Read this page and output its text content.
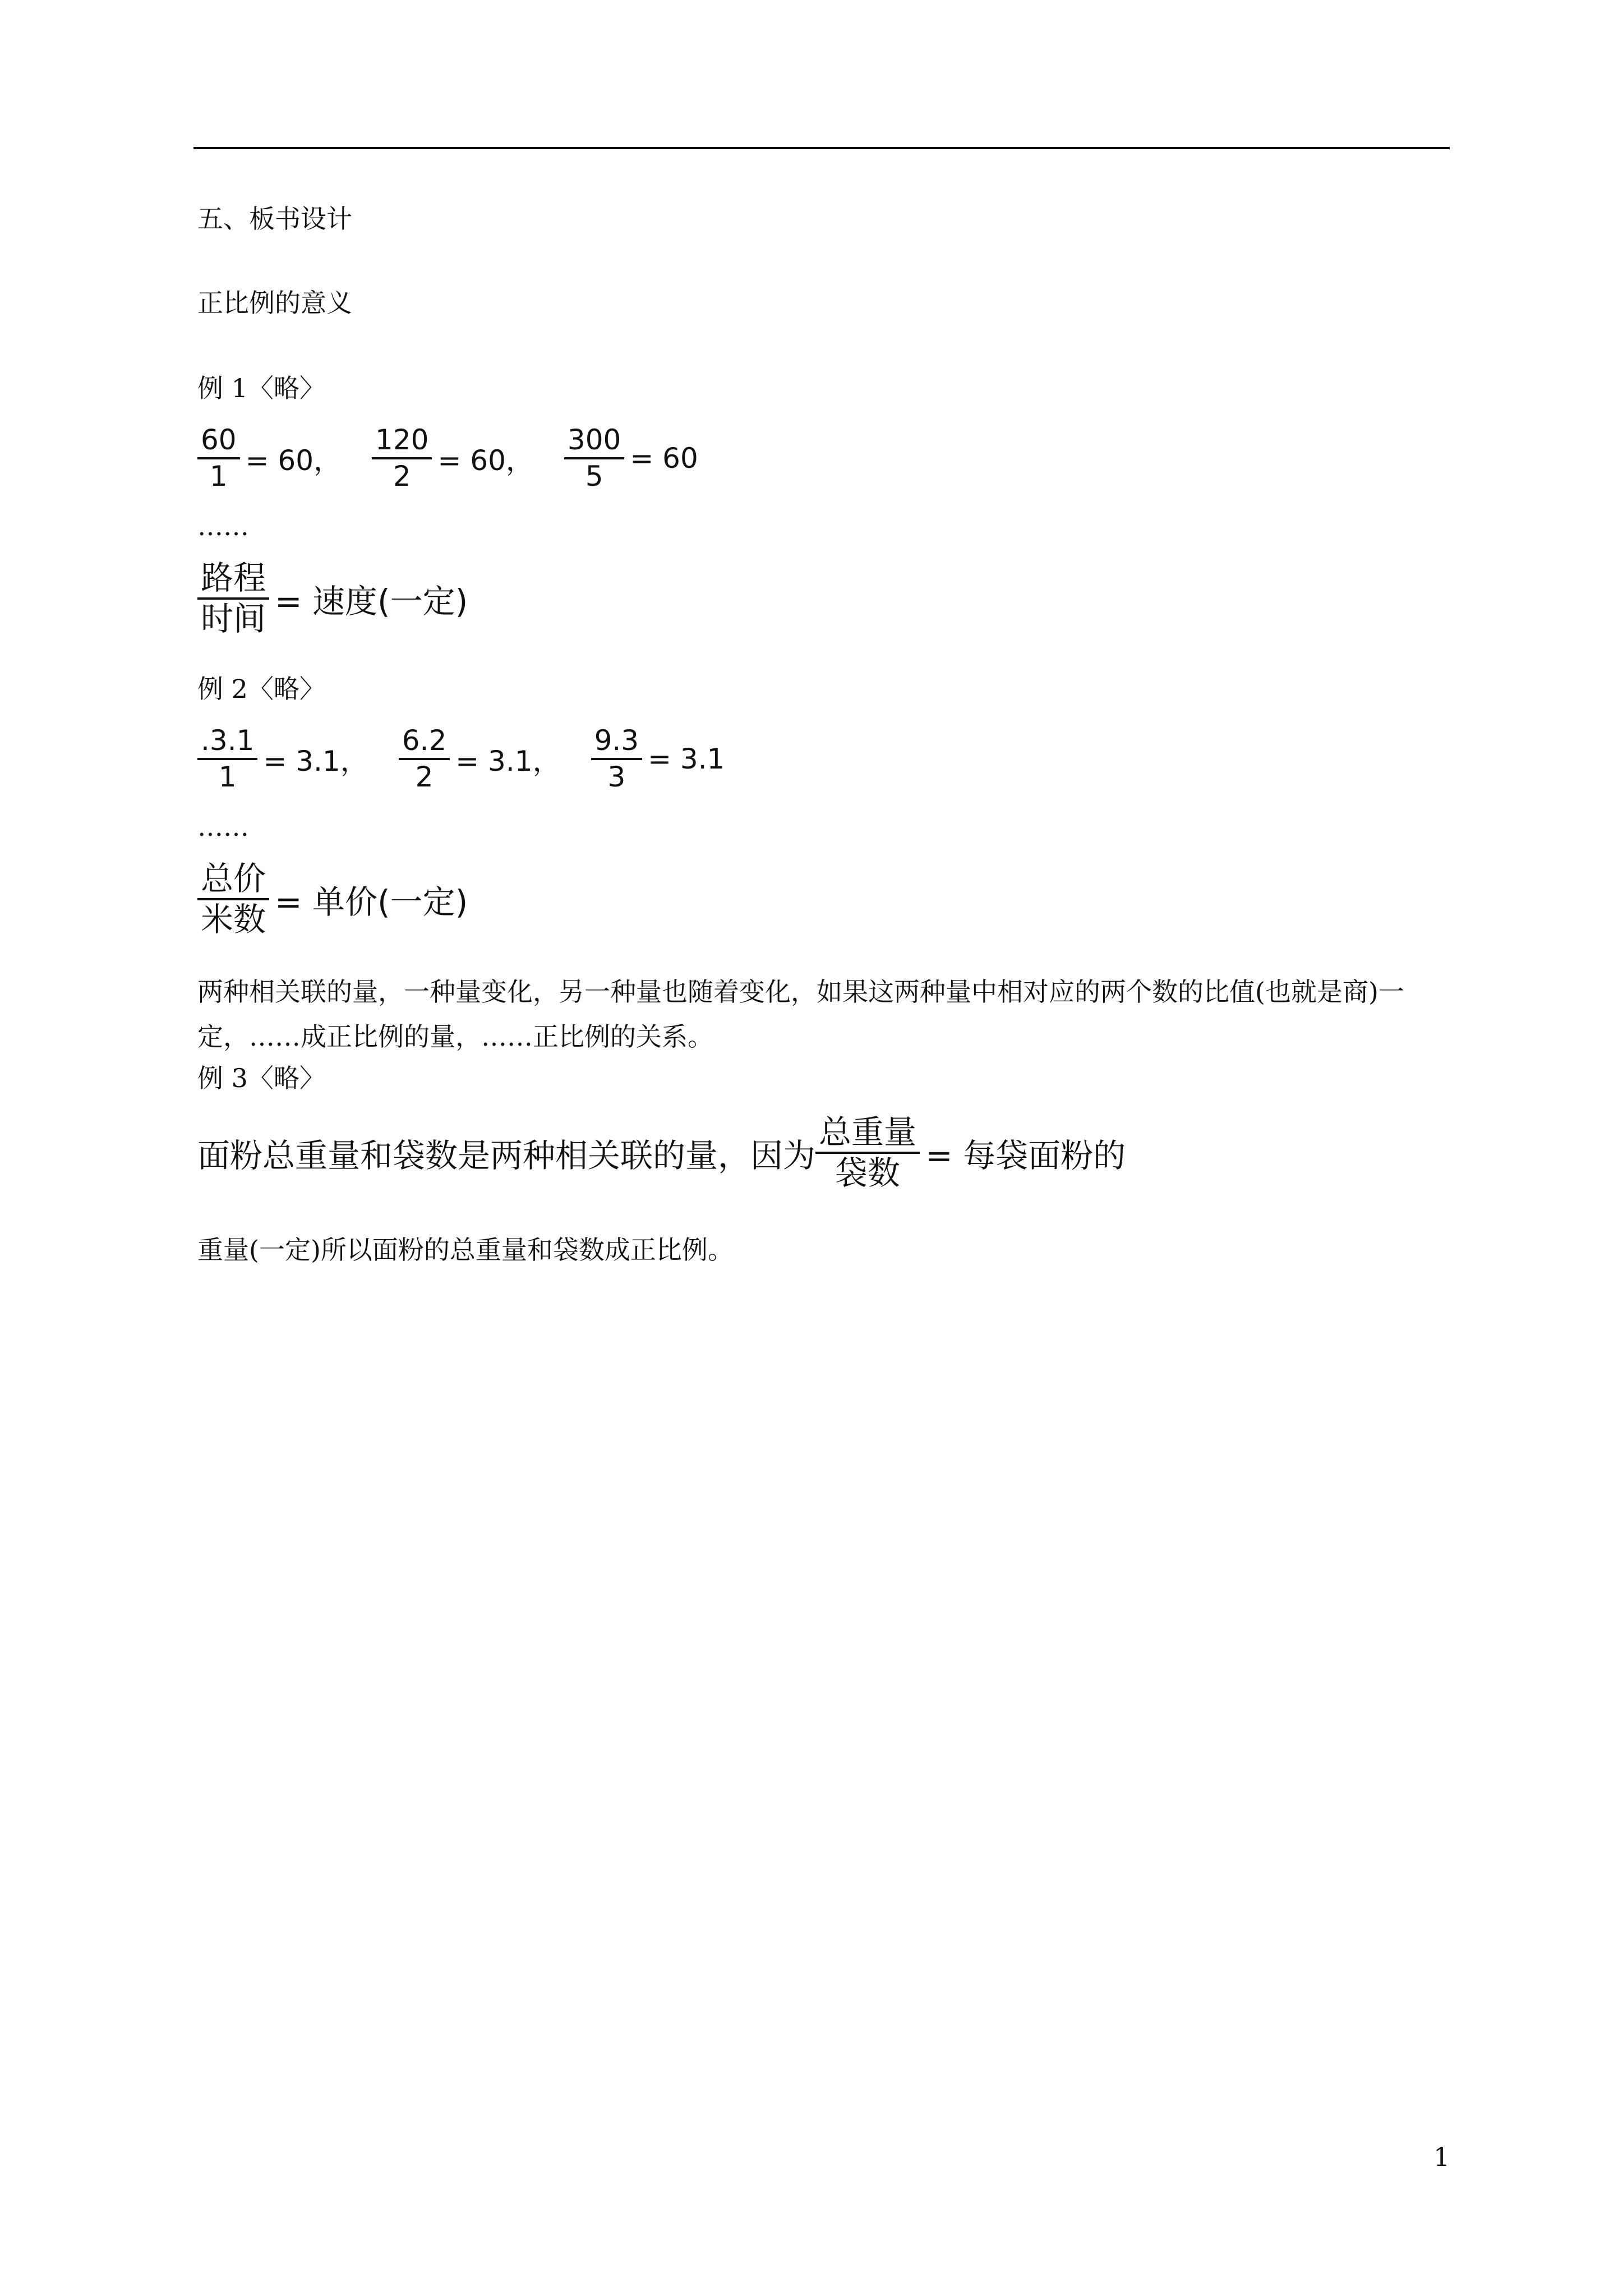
五、板书设计
正比例的意义
例 1〈略〉
$\frac{60}{1} = 60$， $\frac{120}{2} = 60$， $\frac{300}{5} = 60$
……
$\frac{\text{路程}}{\text{时间}}$ = 速度(一定)
例 2〈略〉
$\frac{.3.1}{1} = 3.1$， $\frac{6.2}{2} = 3.1$， $\frac{9.3}{3} = 3.1$
……
$\frac{\text{总价}}{\text{米数}}$ = 单价(一定)
两种相关联的量，一种量变化，另一种量也随着变化，如果这两种量中相对应的两个数的比值(也就是商)一定，……成正比例的量，……正比例的关系。
例 3〈略〉
面粉总重量和袋数是两种相关联的量，因为 $\frac{\text{总重量}}{\text{袋数}}$ = 每袋面粉的
重量(一定)所以面粉的总重量和袋数成正比例。
1
